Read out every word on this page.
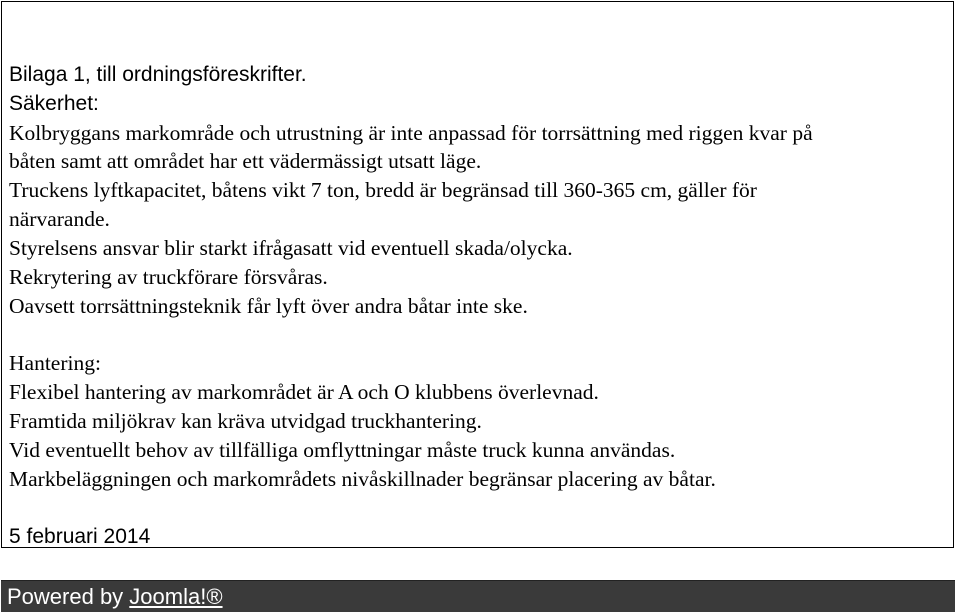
Bilaga 1, till ordningsföreskrifter.
Säkerhet:
Kolbryggans markområde och utrustning är inte anpassad för torrsättning med riggen kvar på
båten samt att området har ett vädermässigt utsatt läge.
Truckens lyftkapacitet, båtens vikt 7 ton, bredd är begränsad till 360-365 cm, gäller för
närvarande.
Styrelsens ansvar blir starkt ifrågasatt vid eventuell skada/olycka.
Rekrytering av truckförare försvåras.
Oavsett torrsättningsteknik får lyft över andra båtar inte ske.
Hantering:
Flexibel hantering av markområdet är A och O klubbens överlevnad.
Framtida miljökrav kan kräva utvidgad truckhantering.
Vid eventuellt behov av tillfälliga omflyttningar måste truck kunna användas.
Markbeläggningen och markområdets nivåskillnader begränsar placering av båtar.
5 februari 2014
Powered by Joomla!®
